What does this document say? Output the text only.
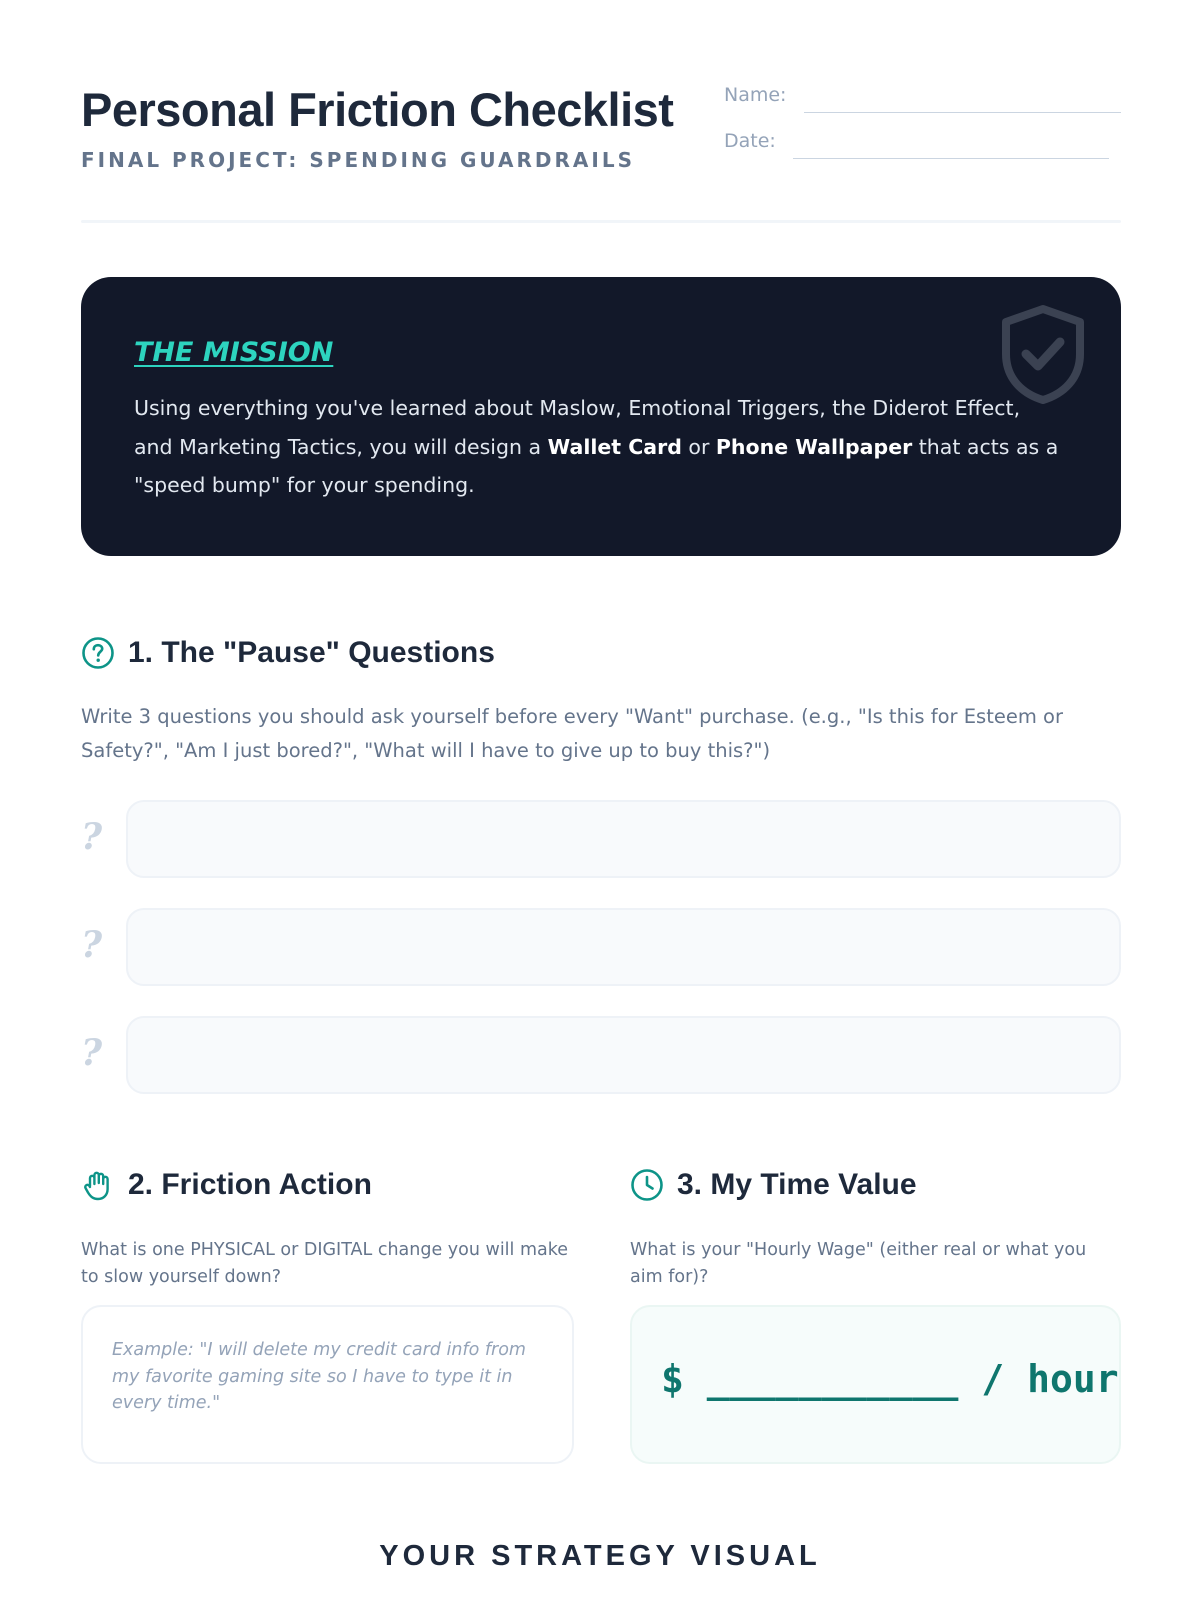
Personal Friction Checklist
FINAL PROJECT: SPENDING GUARDRAILS
Name:
Date:
THE MISSION
Using everything you've learned about Maslow, Emotional Triggers, the Diderot Effect, and Marketing Tactics, you will design a Wallet Card or Phone Wallpaper that acts as a "speed bump" for your spending.
1. The "Pause" Questions
Write 3 questions you should ask yourself before every "Want" purchase. (e.g., "Is this for Esteem or Safety?", "Am I just bored?", "What will I have to give up to buy this?")
?
?
?
2. Friction Action
What is one PHYSICAL or DIGITAL change you will make to slow yourself down?
Example: "I will delete my credit card info from my favorite gaming site so I have to type it in every time."
3. My Time Value
What is your "Hourly Wage" (either real or what you aim for)?
$ ___________ / hour
YOUR STRATEGY VISUAL
